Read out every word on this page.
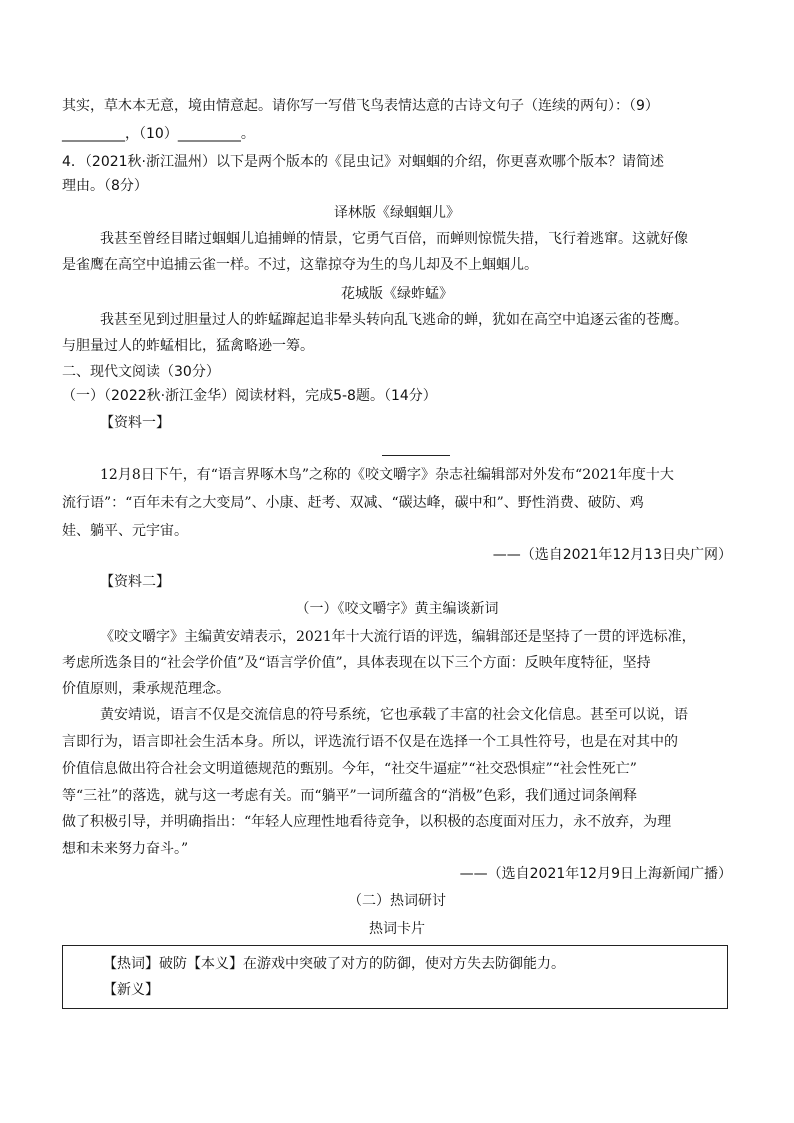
其实，草木本无意，境由情意起。请你写一写借飞鸟表情达意的古诗文句子（连续的两句）：（9）
_________，（10）_________。
4．（2021秋·浙江温州）以下是两个版本的《昆虫记》对蝈蝈的介绍，你更喜欢哪个版本？请简述
理由。（8分）
译林版《绿蝈蝈儿》
我甚至曾经目睹过蝈蝈儿追捕蝉的情景，它勇气百倍，而蝉则惊慌失措，飞行着逃窜。这就好像
是雀鹰在高空中追捕云雀一样。不过，这靠掠夺为生的鸟儿却及不上蝈蝈儿。
花城版《绿蚱蜢》
我甚至见到过胆量过人的蚱蜢蹿起追非晕头转向乱飞逃命的蝉，犹如在高空中追逐云雀的苍鹰。
与胆量过人的蚱蜢相比，猛禽略逊一筹。
二、现代文阅读（30分）
（一）（2022秋·浙江金华）阅读材料，完成5-8题。（14分）
【资料一】
12月8日下午，有“语言界啄木鸟”之称的《咬文嚼字》杂志社编辑部对外发布“2021年度十大
流行语”：“百年未有之大变局”、小康、赶考、双减、“碳达峰，碳中和”、野性消费、破防、鸡
娃、躺平、元宇宙。
——（选自2021年12月13日央广网）
【资料二】
（一）《咬文嚼字》黄主编谈新词
《咬文嚼字》主编黄安靖表示，2021年十大流行语的评选，编辑部还是坚持了一贯的评选标准，
考虑所选条目的“社会学价值”及“语言学价值”，具体表现在以下三个方面：反映年度特征，坚持
价值原则，秉承规范理念。
黄安靖说，语言不仅是交流信息的符号系统，它也承载了丰富的社会文化信息。甚至可以说，语
言即行为，语言即社会生活本身。所以，评选流行语不仅是在选择一个工具性符号，也是在对其中的
价值信息做出符合社会文明道德规范的甄别。今年，“社交牛逼症”“社交恐惧症”“社会性死亡”
等“三社”的落选，就与这一考虑有关。而“躺平”一词所蕴含的“消极”色彩，我们通过词条阐释
做了积极引导，并明确指出：“年轻人应理性地看待竞争，以积极的态度面对压力，永不放弃，为理
想和未来努力奋斗。”
——（选自2021年12月9日上海新闻广播）
（二）热词研讨
热词卡片
【热词】破防【本义】在游戏中突破了对方的防御，使对方失去防御能力。
【新义】
